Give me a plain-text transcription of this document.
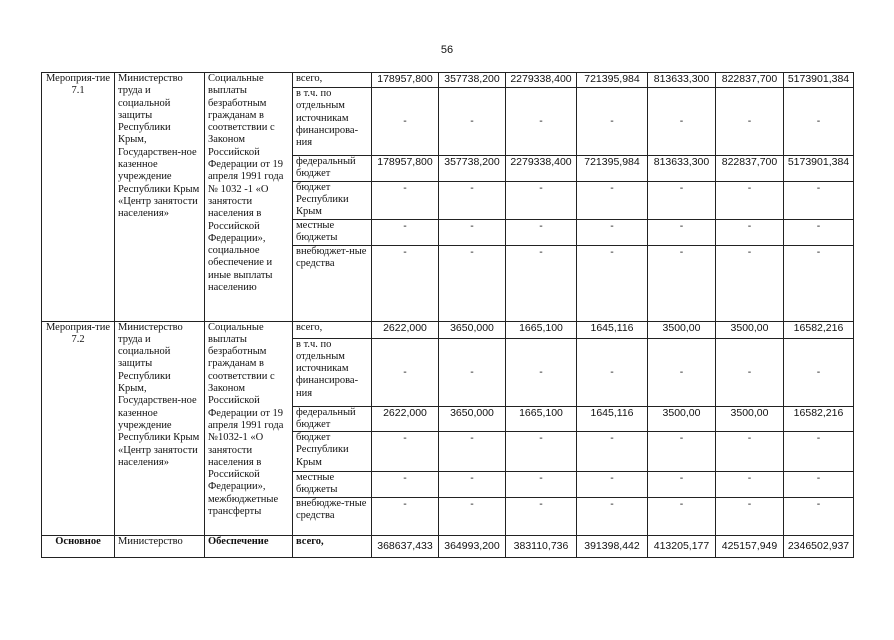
56
Мероприя-тие 7.1	Министерство труда и социальной защиты Республики Крым, Государствен-ное казенное учреждение Республики Крым «Центр занятости населения»	Социальные выплаты безработным гражданам в соответствии с Законом Российской Федерации от 19 апреля 1991 года № 1032 -1 «О занятости населения в Российской Федерации», социальное обеспечение и иные выплаты населению	всего,	178957,800	357738,200	2279338,400	721395,984	813633,300	822837,700	5173901,384
			в т.ч. по отдельным источникам финансирова-ния	-	-	-	-	-	-	-
			федеральный бюджет	178957,800	357738,200	2279338,400	721395,984	813633,300	822837,700	5173901,384
			бюджет Республики Крым	-	-	-	-	-	-	-
			местные бюджеты	-	-	-	-	-	-	-
			внебюджет-ные средства	-	-	-	-	-	-	-
Мероприя-тие 7.2	Министерство труда и социальной защиты Республики Крым, Государствен-ное казенное учреждение Республики Крым «Центр занятости населения»	Социальные выплаты безработным гражданам в соответствии с Законом Российской Федерации от 19 апреля 1991 года №1032-1 «О занятости населения в Российской Федерации», межбюджетные трансферты	всего,	2622,000	3650,000	1665,100	1645,116	3500,00	3500,00	16582,216
			в т.ч. по отдельным источникам финансирова-ния	-	-	-	-	-	-	-
			федеральный бюджет	2622,000	3650,000	1665,100	1645,116	3500,00	3500,00	16582,216
			бюджет Республики Крым	-	-	-	-	-	-	-
			местные бюджеты	-	-	-	-	-	-	-
			внебюдже-тные средства	-	-	-	-	-	-	-
Основное	Министерство	Обеспечение	всего,	368637,433	364993,200	383110,736	391398,442	413205,177	425157,949	2346502,937
